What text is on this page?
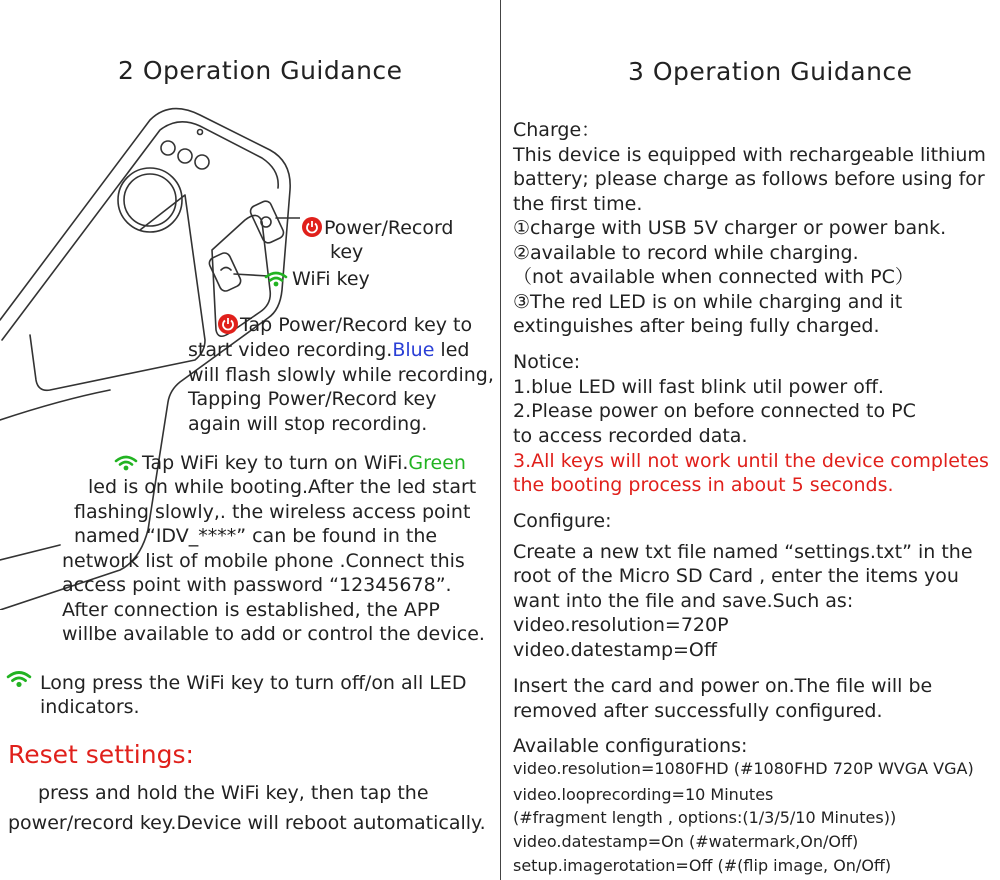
2 Operation Guidance
Power/Record
key
WiFi key
Tap Power/Record key to
start video recording.Blue led
will flash slowly while recording,
Tapping Power/Record key
again will stop recording.
Tap WiFi key to turn on WiFi.Green
led is on while booting.After the led start
flashing slowly,. the wireless access point
named “IDV_****” can be found in the
network list of mobile phone .Connect this
access point with password “12345678”.
After connection is established, the APP
willbe available to add or control the device.
Long press the WiFi key to turn off/on all LED
indicators.
Reset settings:
press and hold the WiFi key, then tap the
power/record key.Device will reboot automatically.
3 Operation Guidance
Charge：
This device is equipped with rechargeable lithium
battery; please charge as follows before using for
the first time.
①charge with USB 5V charger or power bank.
②available to record while charging.
（not available when connected with PC）
③The red LED is on while charging and it
extinguishes after being fully charged.
Notice:
1.blue LED will fast blink util power off.
2.Please power on before connected to PC
to access recorded data.
3.All keys will not work until the device completes
the booting process in about 5 seconds.
Configure:
Create a new txt file named “settings.txt” in the
root of the Micro SD Card , enter the items you
want into the file and save.Such as:
video.resolution=720P
video.datestamp=Off
Insert the card and power on.The file will be
removed after successfully configured.
Available configurations:
video.resolution=1080FHD (#1080FHD 720P WVGA VGA)
video.looprecording=10 Minutes
(#fragment length , options:(1/3/5/10 Minutes))
video.datestamp=On (#watermark,On/Off)
setup.imagerotation=Off (#(flip image, On/Off)
